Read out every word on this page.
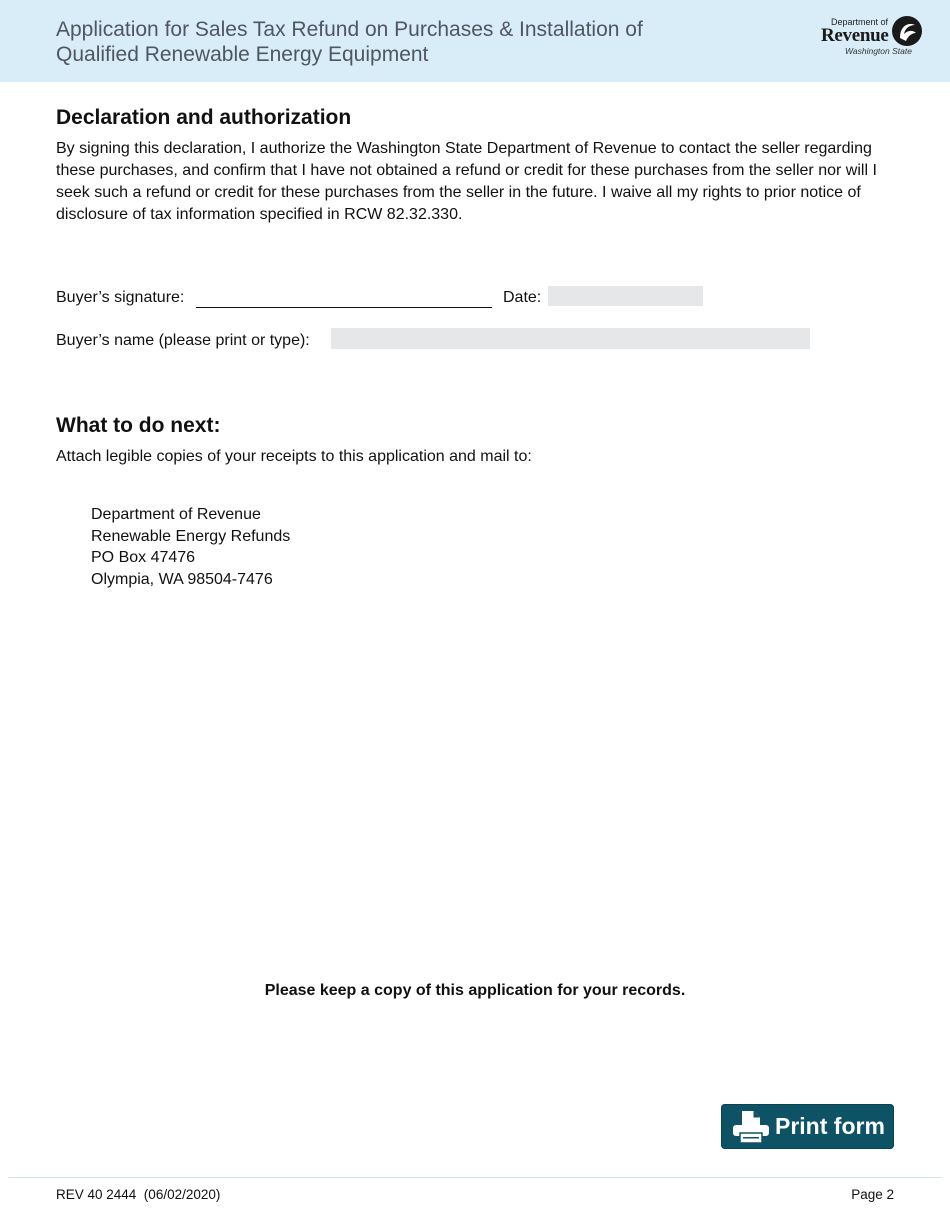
Application for Sales Tax Refund on Purchases & Installation of
Qualified Renewable Energy Equipment
Department of
Revenue
Washington State
Declaration and authorization

By signing this declaration, I authorize the Washington State Department of Revenue to contact the seller regarding these purchases, and confirm that I have not obtained a refund or credit for these purchases from the seller nor will I seek such a refund or credit for these purchases from the seller in the future. I waive all my rights to prior notice of disclosure of tax information specified in RCW 82.32.330.

Buyer’s signature:	Date:
Buyer’s name (please print or type):
What to do next:

Attach legible copies of your receipts to this application and mail to:

Department of Revenue
Renewable Energy Refunds
PO Box 47476
Olympia, WA 98504-7476

Please keep a copy of this application for your records.

Print form
REV 40 2444  (06/02/2020)	Page 2
